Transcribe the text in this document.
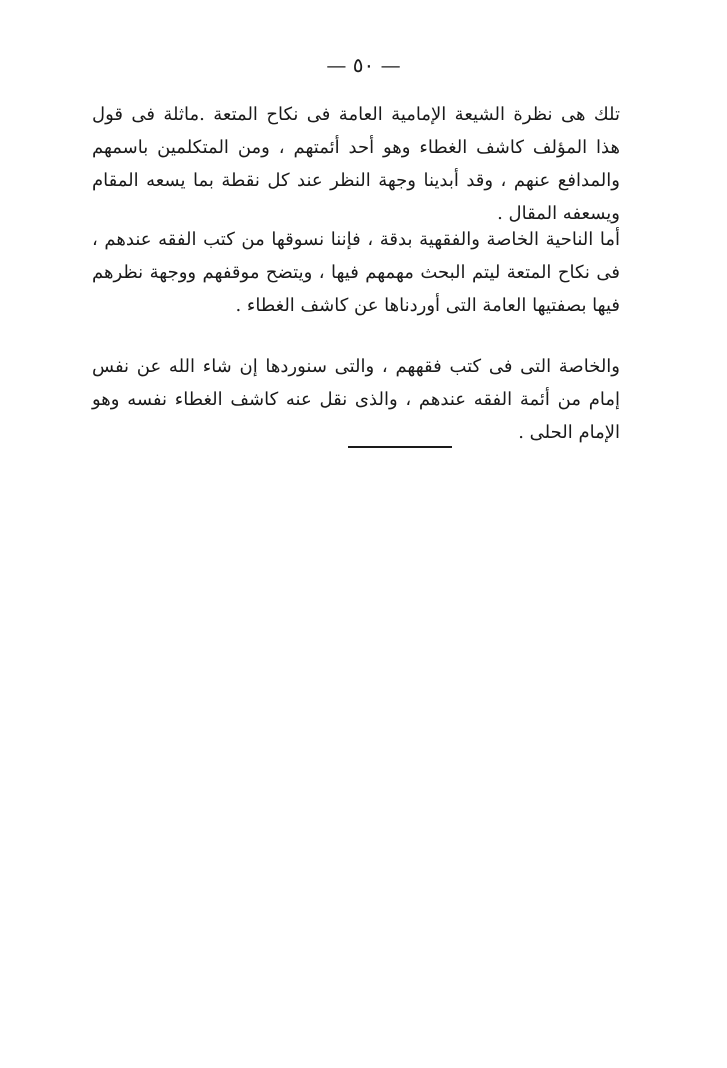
— ٥٠ —
تلك هى نظرة الشيعة الإمامية العامة فى نكاح المتعة .ماثلة فى قول هذا المؤلف كاشف الغطاء وهو أحد أئمتهم ، ومن المتكلمين باسمهم والمدافع عنهم ، وقد أبدينا وجهة النظر عند كل نقطة بما يسعه المقام ويسعفه المقال .
أما الناحية الخاصة والفقهية بدقة ، فإننا نسوقها من كتب الفقه عندهم ، فى نكاح المتعة ليتم البحث مهمهم فيها ، ويتضح موقفهم ووجهة نظرهم فيها بصفتيها العامة التى أوردناها عن كاشف الغطاء .
والخاصة التى فى كتب فقههم ، والتى سنوردها إن شاء الله عن نفس إمام من أئمة الفقه عندهم ، والذى نقل عنه كاشف الغطاء نفسه وهو الإمام الحلى .
